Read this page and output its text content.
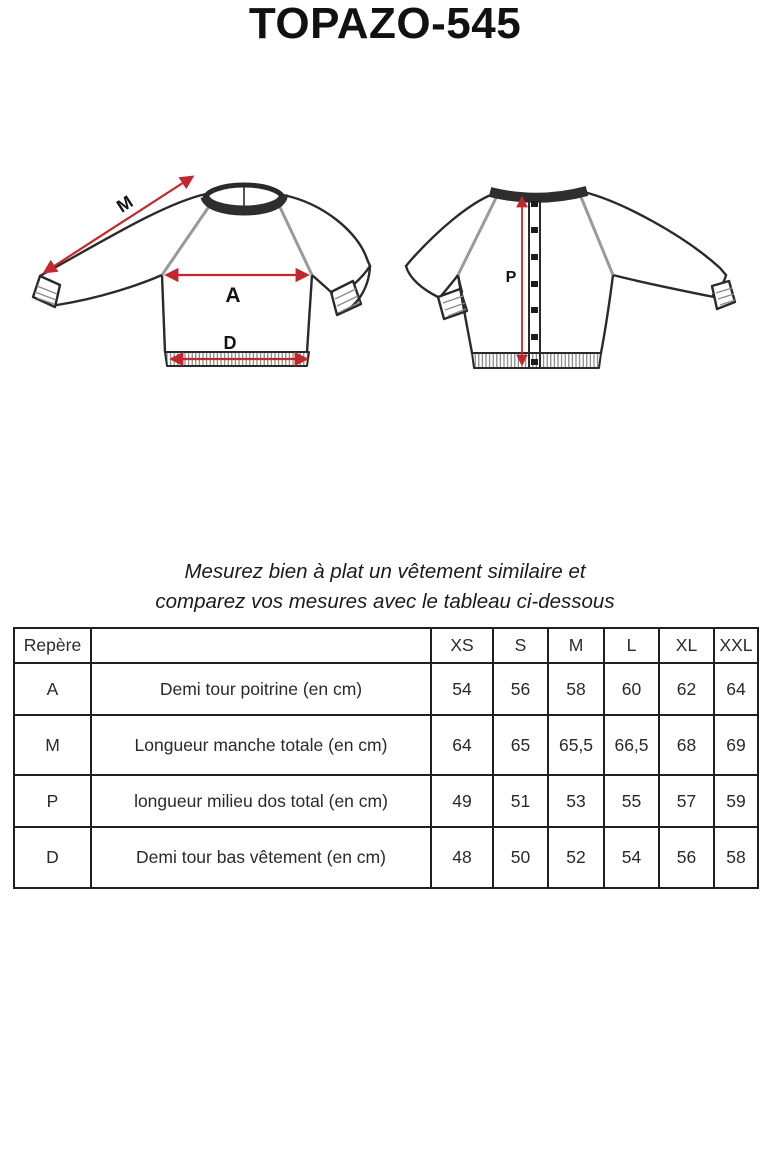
TOPAZO-545
M
A
D
P

Mesurez bien à plat un vêtement similaire et
comparez vos mesures avec le tableau ci-dessous

Repère		XS	S	M	L	XL	XXL
A	Demi tour poitrine (en cm)	54	56	58	60	62	64
M	Longueur manche totale (en cm)	64	65	65,5	66,5	68	69
P	longueur milieu dos total (en cm)	49	51	53	55	57	59
D	Demi tour bas vêtement (en cm)	48	50	52	54	56	58
